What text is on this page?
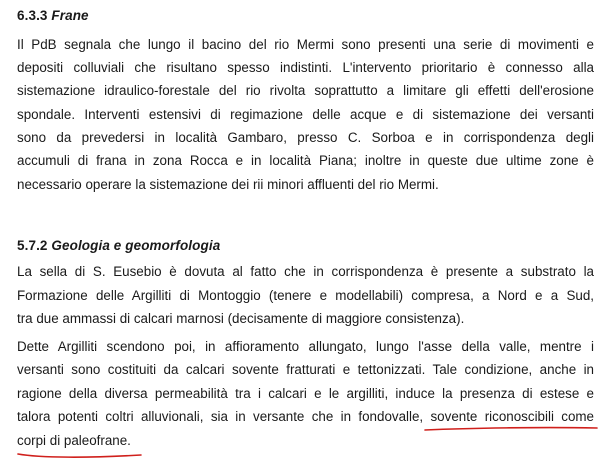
6.3.3 Frane
Il PdB segnala che lungo il bacino del rio Mermi sono presenti una serie di movimenti e
depositi colluviali che risultano spesso indistinti. L'intervento prioritario è connesso alla
sistemazione idraulico-forestale del rio rivolta soprattutto a limitare gli effetti dell'erosione
spondale. Interventi estensivi di regimazione delle acque e di sistemazione dei versanti
sono da prevedersi in località Gambaro, presso C. Sorboa e in corrispondenza degli
accumuli di frana in zona Rocca e in località Piana; inoltre in queste due ultime zone è
necessario operare la sistemazione dei rii minori affluenti del rio Mermi.
5.7.2 Geologia e geomorfologia
La sella di S. Eusebio è dovuta al fatto che in corrispondenza è presente a substrato la
Formazione delle Argilliti di Montoggio (tenere e modellabili) compresa, a Nord e a Sud,
tra due ammassi di calcari marnosi (decisamente di maggiore consistenza).
Dette Argilliti scendono poi, in affioramento allungato, lungo l'asse della valle, mentre i
versanti sono costituiti da calcari sovente fratturati e tettonizzati. Tale condizione, anche in
ragione della diversa permeabilità tra i calcari e le argilliti, induce la presenza di estese e
talora potenti coltri alluvionali, sia in versante che in fondovalle, sovente riconoscibili come
corpi di paleofrane.
